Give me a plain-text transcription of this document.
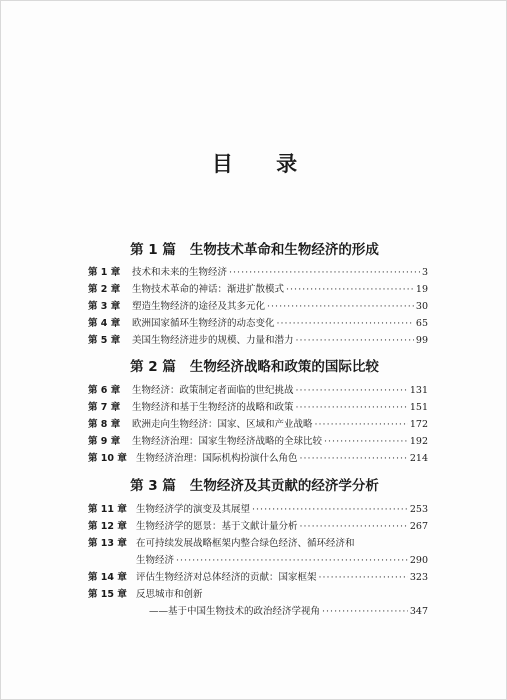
目 录
第 1 篇 生物技术革命和生物经济的形成
第 1 章	技术和未来的生物经济 ·····	3
第 2 章	生物技术革命的神话：渐进扩散模式 ·····	19
第 3 章	塑造生物经济的途径及其多元化 ·····	30
第 4 章	欧洲国家循环生物经济的动态变化 ·····	65
第 5 章	美国生物经济进步的规模、力量和潜力 ·····	99
第 2 篇 生物经济战略和政策的国际比较
第 6 章	生物经济：政策制定者面临的世纪挑战 ·····	131
第 7 章	生物经济和基于生物经济的战略和政策 ·····	151
第 8 章	欧洲走向生物经济：国家、区域和产业战略 ·····	172
第 9 章	生物经济治理：国家生物经济战略的全球比较 ·····	192
第 10 章 生物经济治理：国际机构扮演什么角色 ·····	214
第 3 篇 生物经济及其贡献的经济学分析
第 11 章 生物经济学的演变及其展望 ·····	253
第 12 章 生物经济学的愿景：基于文献计量分析 ·····	267
第 13 章 在可持续发展战略框架内整合绿色经济、循环经济和
生物经济 ·····	290
第 14 章 评估生物经济对总体经济的贡献：国家框架 ·····	323
第 15 章 反思城市和创新
——基于中国生物技术的政治经济学视角 ·····	347
